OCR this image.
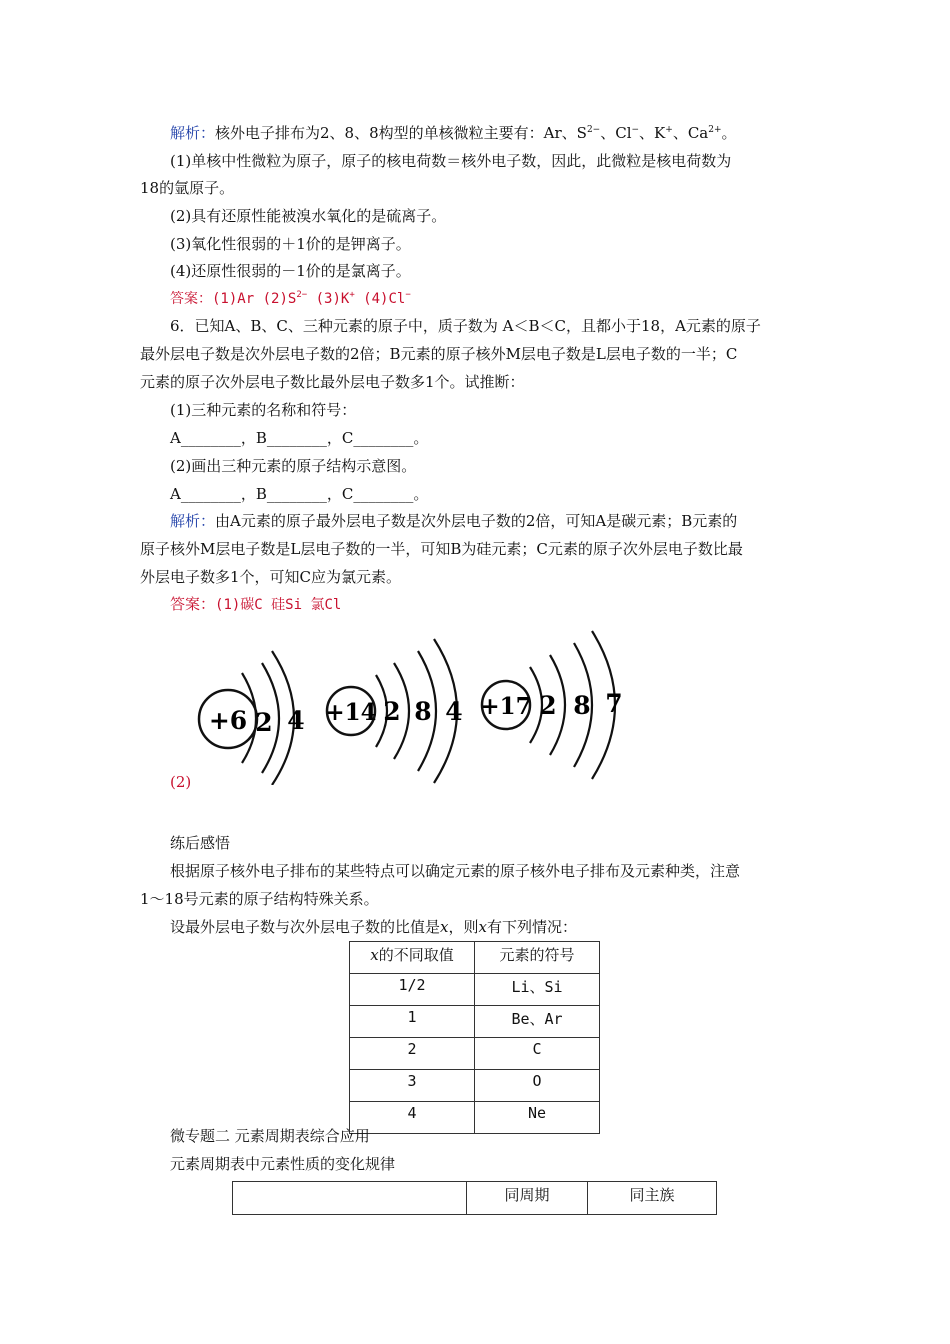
解析：核外电子排布为2、8、8构型的单核微粒主要有：Ar、$S^{2-}$、Cl−、K+、$Ca^{2+}$。
(1)单核中性微粒为原子，原子的核电荷数＝核外电子数，因此，此微粒是核电荷数为
18的氩原子。
(2)具有还原性能被溴水氧化的是硫离子。
(3)氧化性很弱的＋1价的是钾离子。
(4)还原性很弱的－1价的是氯离子。
答案：(1)Ar $(2)S^{2-}$ (3)K+ (4)Cl−
6．已知A、B、C、三种元素的原子中，质子数为 A＜B＜C，且都小于18，A元素的原子
最外层电子数是次外层电子数的2倍；B元素的原子核外M层电子数是L层电子数的一半；C
元素的原子次外层电子数比最外层电子数多1个。试推断：
(1)三种元素的名称和符号：
A________，B________，C________。
(2)画出三种元素的原子结构示意图。
A________，B________，C________。
解析：由A元素的原子最外层电子数是次外层电子数的2倍，可知A是碳元素；B元素的
原子核外M层电子数是L层电子数的一半，可知B为硅元素；C元素的原子次外层电子数比最
外层电子数多1个，可知C应为氯元素。
答案：(1)碳C 硅Si 氯Cl
+6 2 4 +14 2 8 4 +17 2 8 7
(2)
练后感悟
根据原子核外电子排布的某些特点可以确定元素的原子核外电子排布及元素种类，注意
1～18号元素的原子结构特殊关系。
设最外层电子数与次外层电子数的比值是x，则x有下列情况：
x的不同取值	元素的符号
1/2	Li、Si
1	Be、Ar
2	C
3	O
4	Ne
微专题二 元素周期表综合应用
元素周期表中元素性质的变化规律
	同周期	同主族
